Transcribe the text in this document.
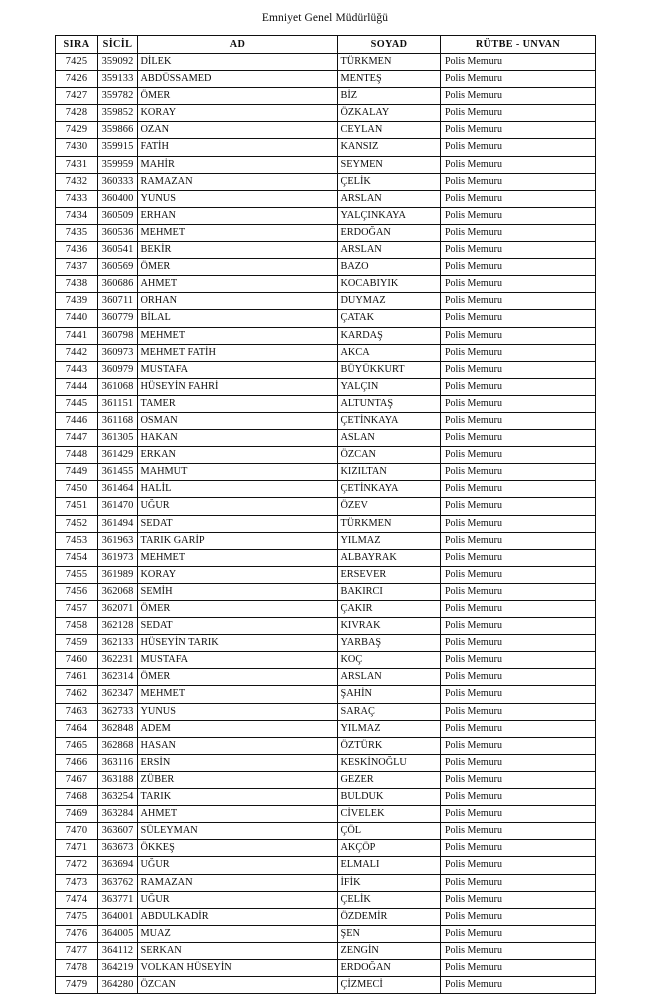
Emniyet Genel Müdürlüğü
SIRA	SİCİL	AD	SOYAD	RÜTBE - UNVAN
7425	359092	DİLEK	TÜRKMEN	Polis Memuru
7426	359133	ABDÜSSAMED	MENTEŞ	Polis Memuru
7427	359782	ÖMER	BİZ	Polis Memuru
7428	359852	KORAY	ÖZKALAY	Polis Memuru
7429	359866	OZAN	CEYLAN	Polis Memuru
7430	359915	FATİH	KANSIZ	Polis Memuru
7431	359959	MAHİR	SEYMEN	Polis Memuru
7432	360333	RAMAZAN	ÇELİK	Polis Memuru
7433	360400	YUNUS	ARSLAN	Polis Memuru
7434	360509	ERHAN	YALÇINKAYA	Polis Memuru
7435	360536	MEHMET	ERDOĞAN	Polis Memuru
7436	360541	BEKİR	ARSLAN	Polis Memuru
7437	360569	ÖMER	BAZO	Polis Memuru
7438	360686	AHMET	KOCABIYIK	Polis Memuru
7439	360711	ORHAN	DUYMAZ	Polis Memuru
7440	360779	BİLAL	ÇATAK	Polis Memuru
7441	360798	MEHMET	KARDAŞ	Polis Memuru
7442	360973	MEHMET FATİH	AKCA	Polis Memuru
7443	360979	MUSTAFA	BÜYÜKKURT	Polis Memuru
7444	361068	HÜSEYİN FAHRİ	YALÇIN	Polis Memuru
7445	361151	TAMER	ALTUNTAŞ	Polis Memuru
7446	361168	OSMAN	ÇETİNKAYA	Polis Memuru
7447	361305	HAKAN	ASLAN	Polis Memuru
7448	361429	ERKAN	ÖZCAN	Polis Memuru
7449	361455	MAHMUT	KIZILTAN	Polis Memuru
7450	361464	HALİL	ÇETİNKAYA	Polis Memuru
7451	361470	UĞUR	ÖZEV	Polis Memuru
7452	361494	SEDAT	TÜRKMEN	Polis Memuru
7453	361963	TARIK GARİP	YILMAZ	Polis Memuru
7454	361973	MEHMET	ALBAYRAK	Polis Memuru
7455	361989	KORAY	ERSEVER	Polis Memuru
7456	362068	SEMİH	BAKIRCI	Polis Memuru
7457	362071	ÖMER	ÇAKIR	Polis Memuru
7458	362128	SEDAT	KIVRAK	Polis Memuru
7459	362133	HÜSEYİN TARIK	YARBAŞ	Polis Memuru
7460	362231	MUSTAFA	KOÇ	Polis Memuru
7461	362314	ÖMER	ARSLAN	Polis Memuru
7462	362347	MEHMET	ŞAHİN	Polis Memuru
7463	362733	YUNUS	SARAÇ	Polis Memuru
7464	362848	ADEM	YILMAZ	Polis Memuru
7465	362868	HASAN	ÖZTÜRK	Polis Memuru
7466	363116	ERSİN	KESKİNOĞLU	Polis Memuru
7467	363188	ZÜBER	GEZER	Polis Memuru
7468	363254	TARIK	BULDUK	Polis Memuru
7469	363284	AHMET	CİVELEK	Polis Memuru
7470	363607	SÜLEYMAN	ÇÖL	Polis Memuru
7471	363673	ÖKKEŞ	AKÇÖP	Polis Memuru
7472	363694	UĞUR	ELMALI	Polis Memuru
7473	363762	RAMAZAN	İFİK	Polis Memuru
7474	363771	UĞUR	ÇELİK	Polis Memuru
7475	364001	ABDULKADİR	ÖZDEMİR	Polis Memuru
7476	364005	MUAZ	ŞEN	Polis Memuru
7477	364112	SERKAN	ZENGİN	Polis Memuru
7478	364219	VOLKAN HÜSEYİN	ERDOĞAN	Polis Memuru
7479	364280	ÖZCAN	ÇİZMECİ	Polis Memuru
